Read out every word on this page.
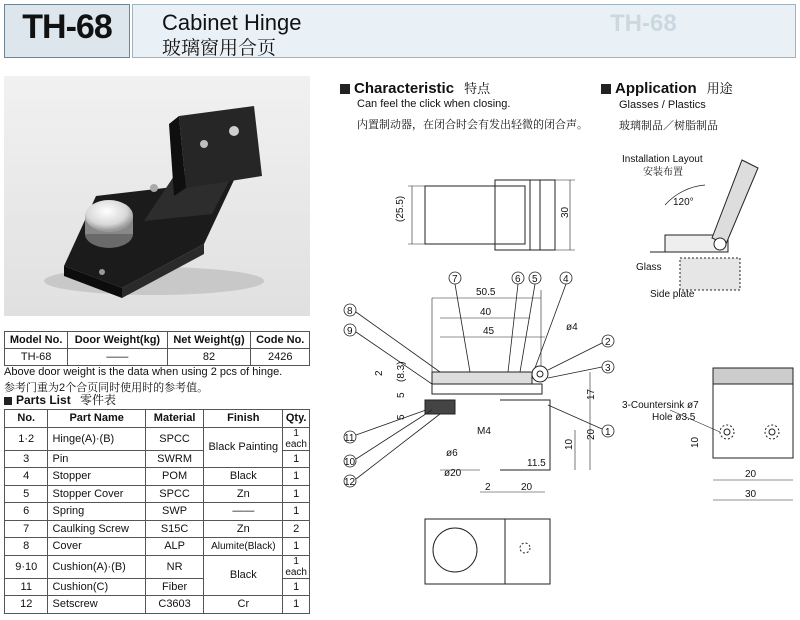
TH-68	Cabinet Hinge
玻璃窗用合页
TH-68
Model No.	Door Weight(kg)	Net Weight(g)	Code No.
TH-68	——	82	2426
Above door weight is the data when using 2 pcs of hinge.
参考门重为2个合页同时使用时的参考值。
Parts List 零件表
No.	Part Name	Material	Finish	Qty.
1·2	Hinge(A)·(B)	SPCC	Black Painting	1 each
3	Pin	SWRM		1
4	Stopper	POM	Black	1
5	Stopper Cover	SPCC	Zn	1
6	Spring	SWP	——	1
7	Caulking Screw	S15C	Zn	2
8	Cover	ALP	Alumite(Black)	1
9·10	Cushion(A)·(B)	NR	Black	1 each
11	Cushion(C)	Fiber		1
12	Setscrew	C3603	Cr	1
Characteristic 特点
Can feel the click when closing.
内置制动器，在闭合时会有发出轻微的闭合声。
Application 用途
Glasses / Plastics
玻璃制品／树脂制品
(25.5)	30
50.5
40
45	ø4
2 (8.3)
5
5
17
M4	20
10
ø6
11.5
ø20
2	20
7	6 5	4
8
9
2
3
1
11
10
12
Installation Layout
安装布置
120°
Glass
Side plate
3-Countersink ø7
Hole ø3.5
10
20
30
